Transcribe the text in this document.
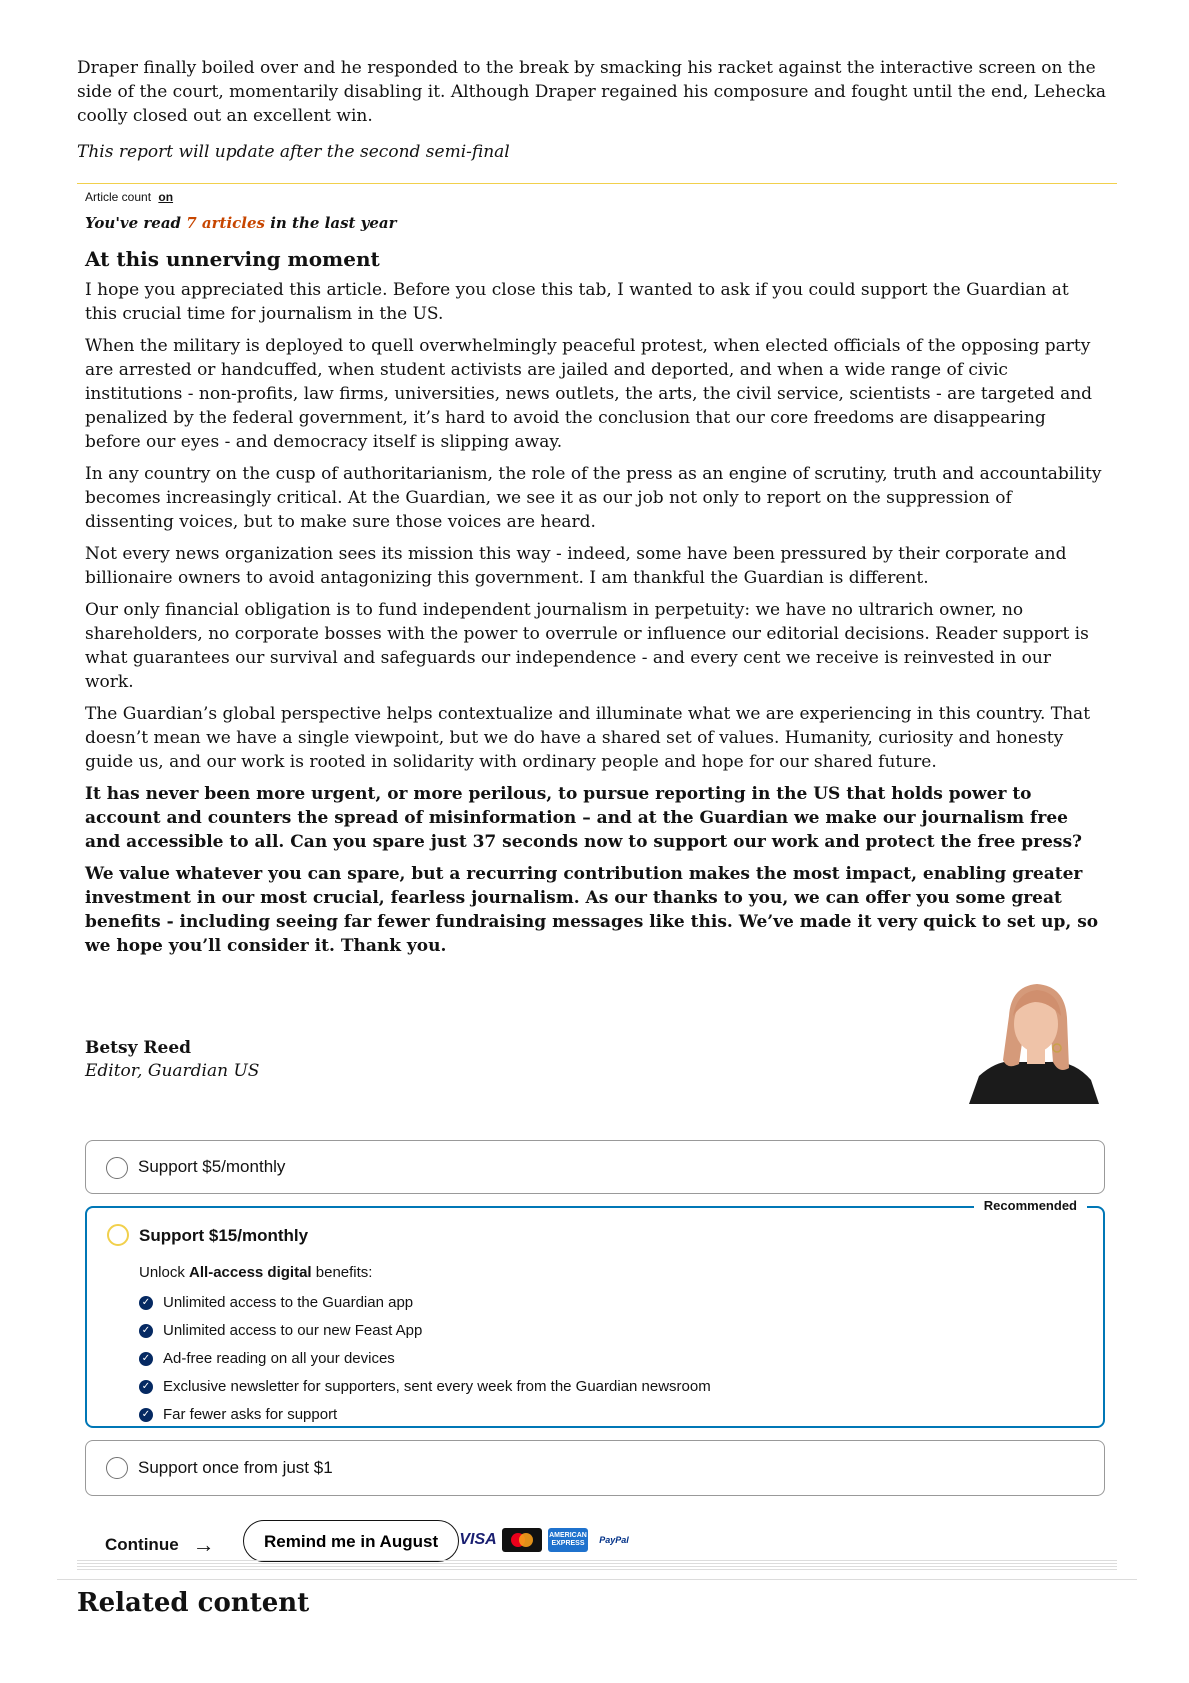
Draper finally boiled over and he responded to the break by smacking his racket against the interactive screen on the side of the court, momentarily disabling it. Although Draper regained his composure and fought until the end, Lehecka coolly closed out an excellent win.

This report will update after the second semi-final

Article count on
You've read 7 articles in the last year
At this unnerving moment

I hope you appreciated this article. Before you close this tab, I wanted to ask if you could support the Guardian at this crucial time for journalism in the US.

When the military is deployed to quell overwhelmingly peaceful protest, when elected officials of the opposing party are arrested or handcuffed, when student activists are jailed and deported, and when a wide range of civic institutions - non-profits, law firms, universities, news outlets, the arts, the civil service, scientists - are targeted and penalized by the federal government, it’s hard to avoid the conclusion that our core freedoms are disappearing before our eyes - and democracy itself is slipping away.

In any country on the cusp of authoritarianism, the role of the press as an engine of scrutiny, truth and accountability becomes increasingly critical. At the Guardian, we see it as our job not only to report on the suppression of dissenting voices, but to make sure those voices are heard.

Not every news organization sees its mission this way - indeed, some have been pressured by their corporate and billionaire owners to avoid antagonizing this government. I am thankful the Guardian is different.

Our only financial obligation is to fund independent journalism in perpetuity: we have no ultrarich owner, no shareholders, no corporate bosses with the power to overrule or influence our editorial decisions. Reader support is what guarantees our survival and safeguards our independence - and every cent we receive is reinvested in our work.

The Guardian’s global perspective helps contextualize and illuminate what we are experiencing in this country. That doesn’t mean we have a single viewpoint, but we do have a shared set of values. Humanity, curiosity and honesty guide us, and our work is rooted in solidarity with ordinary people and hope for our shared future.

It has never been more urgent, or more perilous, to pursue reporting in the US that holds power to account and counters the spread of misinformation – and at the Guardian we make our journalism free and accessible to all. Can you spare just 37 seconds now to support our work and protect the free press?

We value whatever you can spare, but a recurring contribution makes the most impact, enabling greater investment in our most crucial, fearless journalism. As our thanks to you, we can offer you some great benefits - including seeing far fewer fundraising messages like this. We’ve made it very quick to set up, so we hope you’ll consider it. Thank you.

Betsy Reed
Editor, Guardian US
Support $5/monthly
Recommended
Support $15/monthly
Unlock All-access digital benefits:
✓ Unlimited access to the Guardian app
✓ Unlimited access to our new Feast App
✓ Ad-free reading on all your devices
✓ Exclusive newsletter for supporters, sent every week from the Guardian newsroom
✓ Far fewer asks for support
Support once from just $1
Continue →	Remind me in August	VISA	AMERICAN EXPRESS	PayPal
Related content
